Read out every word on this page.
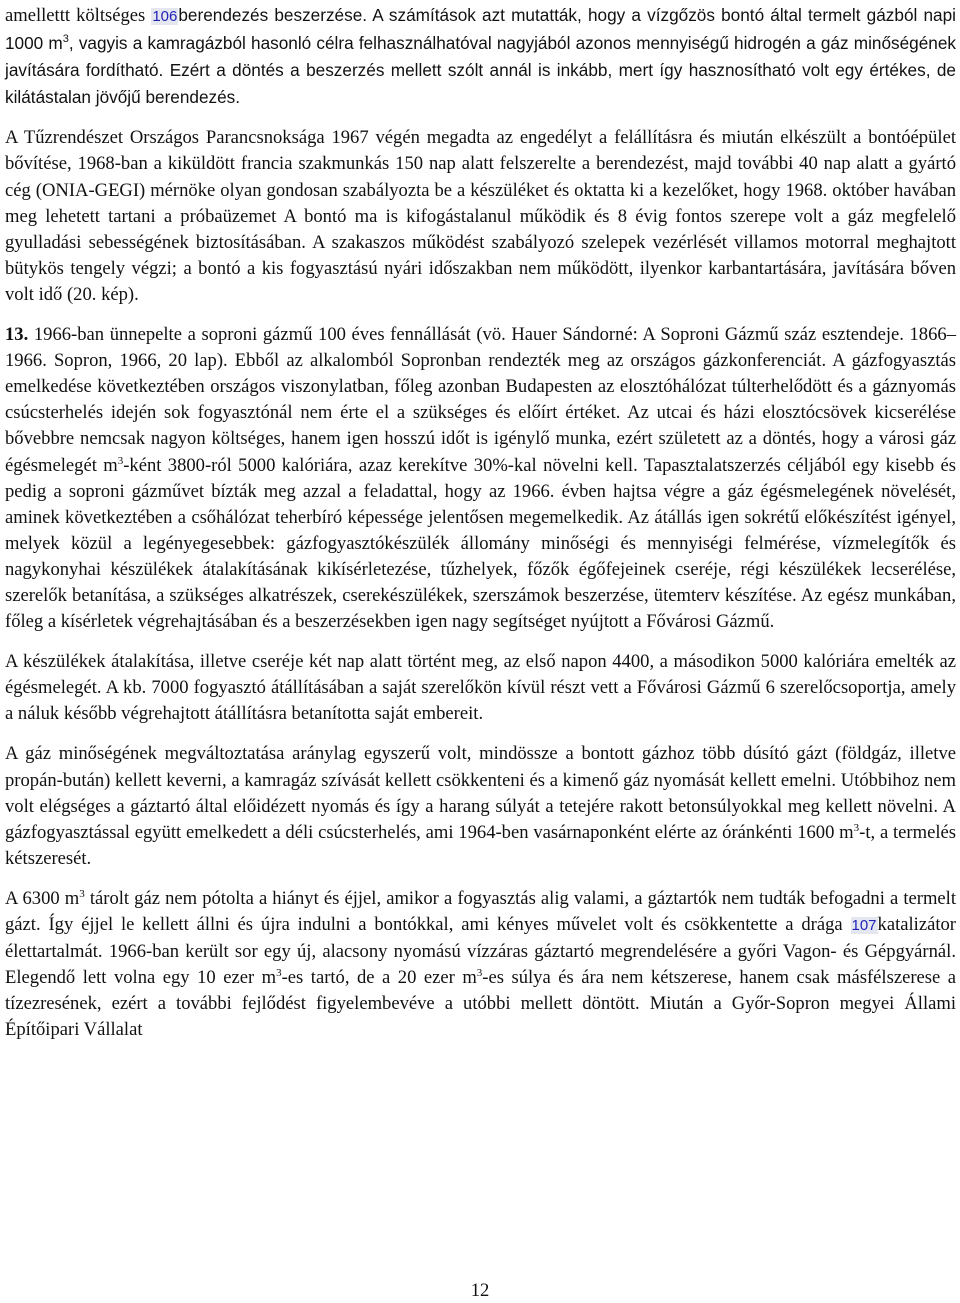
amellettt költséges 106berendezés beszerzése. A számítások azt mutatták, hogy a vízgőzös bontó által termelt gázból napi 1000 $m^3$, vagyis a kamragázból hasonló célra felhasználhatóval nagyjából azonos mennyiségű hidrogén a gáz minőségének javítására fordítható. Ezért a döntés a beszerzés mellett szólt annál is inkább, mert így hasznosítható volt egy értékes, de kilátástalan jövőjű berendezés.

A Tűzrendészet Országos Parancsnoksága 1967 végén megadta az engedélyt a felállításra és miután elkészült a bontóépület bővítése, 1968-ban a kiküldött francia szakmunkás 150 nap alatt felszerelte a berendezést, majd további 40 nap alatt a gyártó cég (ONIA-GEGI) mérnöke olyan gondosan szabályozta be a készüléket és oktatta ki a kezelőket, hogy 1968. október havában meg lehetett tartani a próbaüzemet A bontó ma is kifogástalanul működik és 8 évig fontos szerepe volt a gáz megfelelő gyulladási sebességének biztosításában. A szakaszos működést szabályozó szelepek vezérlését villamos motorral meghajtott bütykös tengely végzi; a bontó a kis fogyasztású nyári időszakban nem működött, ilyenkor karbantartására, javítására bőven volt idő (20. kép).

13. 1966-ban ünnepelte a soproni gázmű 100 éves fennállását (vö. Hauer Sándorné: A Soproni Gázmű száz esztendeje. 1866–1966. Sopron, 1966, 20 lap). Ebből az alkalomból Sopronban rendezték meg az országos gázkonferenciát. A gázfogyasztás emelkedése következtében országos viszonylatban, főleg azonban Budapesten az elosztóhálózat túlterhelődött és a gáznyomás csúcsterhelés idején sok fogyasztónál nem érte el a szükséges és előírt értéket. Az utcai és házi elosztócsövek kicserélése bővebbre nemcsak nagyon költséges, hanem igen hosszú időt is igénylő munka, ezért született az a döntés, hogy a városi gáz égésmelegét $m^3$-ként 3800-ról 5000 kalóriára, azaz kerekítve 30%-kal növelni kell. Tapasztalatszerzés céljából egy kisebb és pedig a soproni gázművet bízták meg azzal a feladattal, hogy az 1966. évben hajtsa végre a gáz égésmelegének növelését, aminek következtében a csőhálózat teherbíró képessége jelentősen megemelkedik. Az átállás igen sokrétű előkészítést igényel, melyek közül a legényegesebbek: gázfogyasztókészülék állomány minőségi és mennyiségi felmérése, vízmelegítők és nagykonyhai készülékek átalakításának kikísérletezése, tűzhelyek, főzők égőfejeinek cseréje, régi készülékek lecserélése, szerelők betanítása, a szükséges alkatrészek, cserekészülékek, szerszámok beszerzése, ütemterv készítése. Az egész munkában, főleg a kísérletek végrehajtásában és a beszerzésekben igen nagy segítséget nyújtott a Fővárosi Gázmű.

A készülékek átalakítása, illetve cseréje két nap alatt történt meg, az első napon 4400, a másodikon 5000 kalóriára emelték az égésmelegét. A kb. 7000 fogyasztó átállításában a saját szerelőkön kívül részt vett a Fővárosi Gázmű 6 szerelőcsoportja, amely a náluk később végrehajtott átállításra betanította saját embereit.

A gáz minőségének megváltoztatása aránylag egyszerű volt, mindössze a bontott gázhoz több dúsító gázt (földgáz, illetve propán-bután) kellett keverni, a kamragáz szívását kellett csökkenteni és a kimenő gáz nyomását kellett emelni. Utóbbihoz nem volt elégséges a gáztartó által előidézett nyomás és így a harang súlyát a tetejére rakott betonsúlyokkal meg kellett növelni. A gázfogyasztással együtt emelkedett a déli csúcsterhelés, ami 1964-ben vasárnaponként elérte az óránkénti 1600 $m^3-t$, a termelés kétszeresét.

A 6300 $m^3$ tárolt gáz nem pótolta a hiányt és éjjel, amikor a fogyasztás alig valami, a gáztartók nem tudták befogadni a termelt gázt. Így éjjel le kellett állni és újra indulni a bontókkal, ami kényes művelet volt és csökkentette a drága 107katalizátor élettartalmát. 1966-ban került sor egy új, alacsony nyomású vízzáras gáztartó megrendelésére a győri Vagon- és Gépgyárnál. Elegendő lett volna egy 10 ezer $m^3-es$ tartó, de a 20 ezer $m^3-es$ súlya és ára nem kétszerese, hanem csak másfélszerese a tízezresének, ezért a további fejlődést figyelembevéve a utóbbi mellett döntött. Miután a Győr-Sopron megyei Állami Építőipari Vállalat

12
